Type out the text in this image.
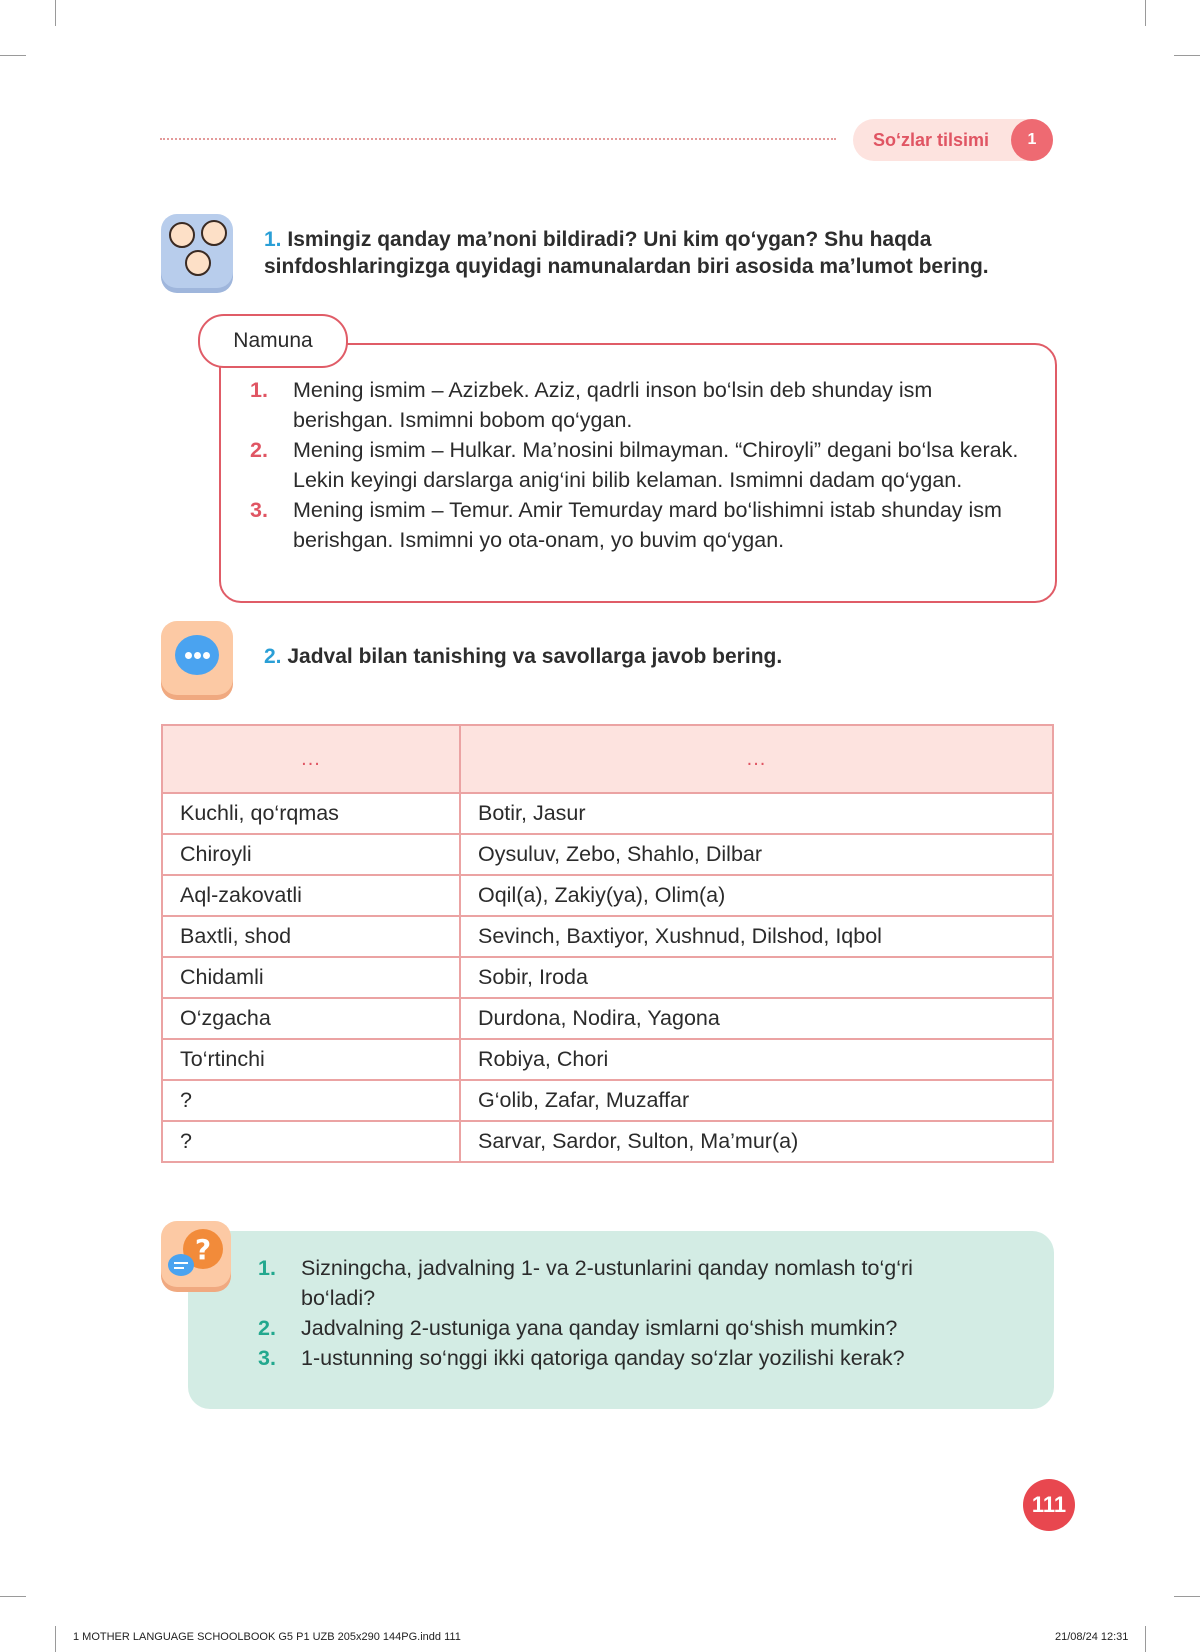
So‘zlar tilsimi	1
1. Ismingiz qanday ma’noni bildiradi? Uni kim qo‘ygan? Shu haqda sinfdoshlaringizga quyidagi namunalardan biri asosida ma’lumot bering.
Namuna
1. Mening ismim – Azizbek. Aziz, qadrli inson bo‘lsin deb shunday ism berishgan. Ismimni bobom qo‘ygan.
2. Mening ismim – Hulkar. Ma’nosini bilmayman. “Chiroyli” degani bo‘lsa kerak. Lekin keyingi darslarga anig‘ini bilib kelaman. Ismimni dadam qo‘ygan.
3. Mening ismim – Temur. Amir Temurday mard bo‘lishimni istab shunday ism berishgan. Ismimni yo ota-onam, yo buvim qo‘ygan.
2. Jadval bilan tanishing va savollarga javob bering.
...	...
Kuchli, qo‘rqmas	Botir, Jasur
Chiroyli	Oysuluv, Zebo, Shahlo, Dilbar
Aql-zakovatli	Oqil(a), Zakiy(ya), Olim(a)
Baxtli, shod	Sevinch, Baxtiyor, Xushnud, Dilshod, Iqbol
Chidamli	Sobir, Iroda
O‘zgacha	Durdona, Nodira, Yagona
To‘rtinchi	Robiya, Chori
?	G‘olib, Zafar, Muzaffar
?	Sarvar, Sardor, Sulton, Ma’mur(a)
?
1. Sizningcha, jadvalning 1- va 2-ustunlarini qanday nomlash to‘g‘ri bo‘ladi?
2. Jadvalning 2-ustuniga yana qanday ismlarni qo‘shish mumkin?
3. 1-ustunning so‘nggi ikki qatoriga qanday so‘zlar yozilishi kerak?
111
1 MOTHER LANGUAGE SCHOOLBOOK G5 P1 UZB 205x290 144PG.indd 111	21/08/24 12:31
